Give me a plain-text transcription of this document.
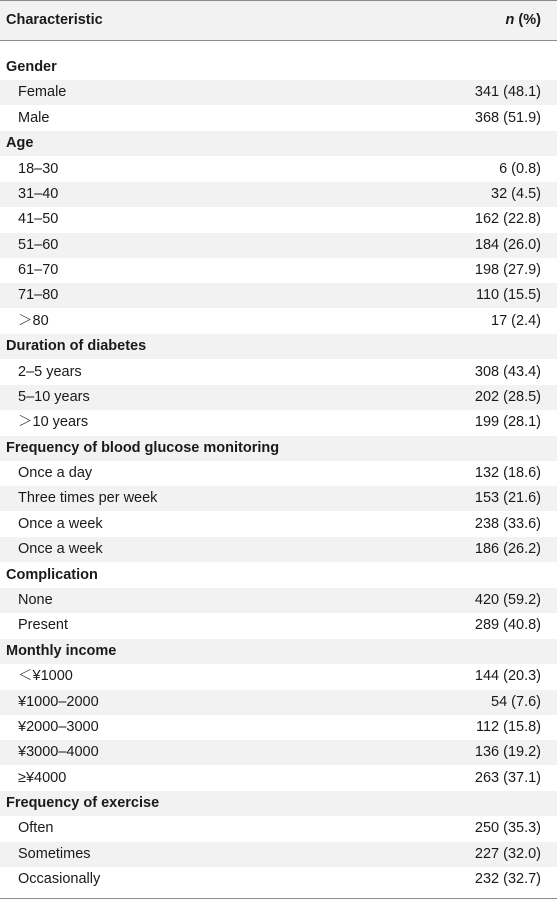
Characteristic	n (%)
Gender
Female	341 (48.1)
Male	368 (51.9)
Age
18–30	6 (0.8)
31–40	32 (4.5)
41–50	162 (22.8)
51–60	184 (26.0)
61–70	198 (27.9)
71–80	110 (15.5)
＞80	17 (2.4)
Duration of diabetes
2–5 years	308 (43.4)
5–10 years	202 (28.5)
＞10 years	199 (28.1)
Frequency of blood glucose monitoring
Once a day	132 (18.6)
Three times per week	153 (21.6)
Once a week	238 (33.6)
Once a week	186 (26.2)
Complication
None	420 (59.2)
Present	289 (40.8)
Monthly income
＜¥1000	144 (20.3)
¥1000–2000	54 (7.6)
¥2000–3000	112 (15.8)
¥3000–4000	136 (19.2)
≥¥4000	263 (37.1)
Frequency of exercise
Often	250 (35.3)
Sometimes	227 (32.0)
Occasionally	232 (32.7)
